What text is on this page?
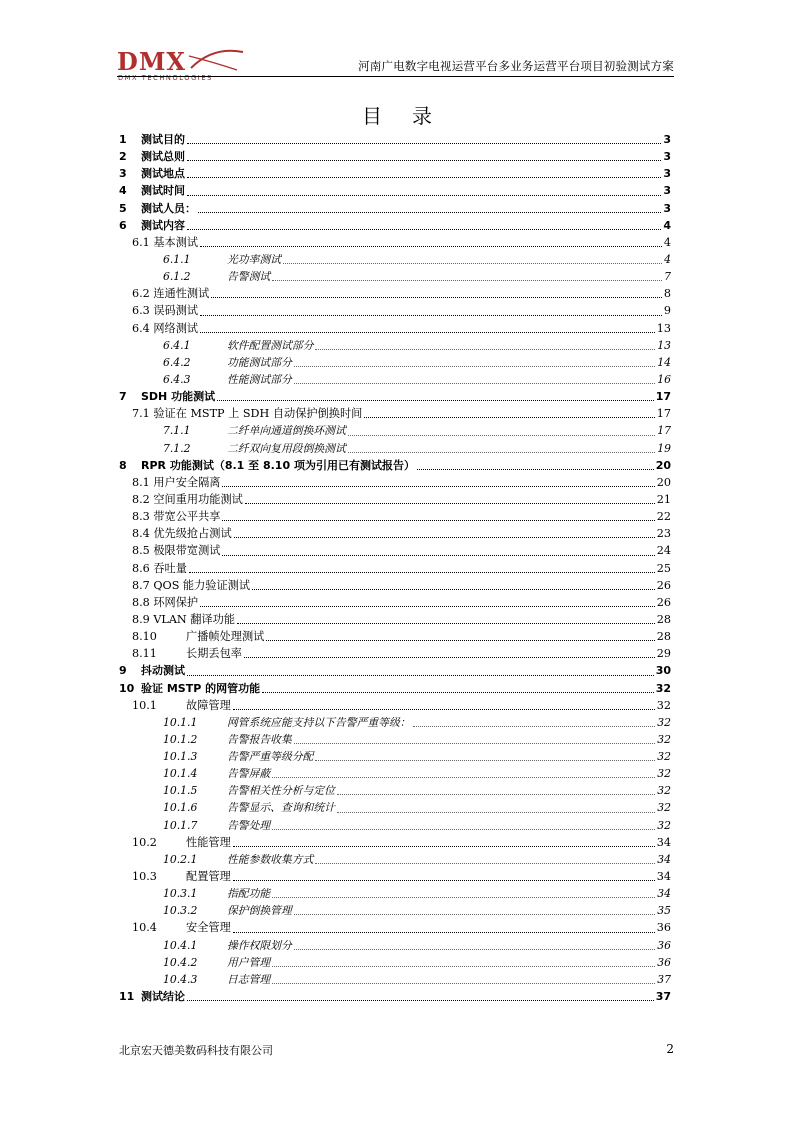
DMX
DMX TECHNOLOGIES
河南广电数字电视运营平台多业务运营平台项目初验测试方案
目录
1	测试目的	3
2	测试总则	3
3	测试地点	3
4	测试时间	3
5	测试人员：	3
6	测试内容	4
6.1 基本测试	4
6.1.1	光功率测试	4
6.1.2	告警测试	7
6.2 连通性测试	8
6.3 误码测试	9
6.4 网络测试	13
6.4.1	软件配置测试部分	13
6.4.2	功能测试部分	14
6.4.3	性能测试部分	16
7	SDH 功能测试	17
7.1 验证在 MSTP 上 SDH 自动保护倒换时间	17
7.1.1	二纤单向通道倒换环测试	17
7.1.2	二纤双向复用段倒换测试	19
8	RPR 功能测试（8.1 至 8.10 项为引用已有测试报告）	20
8.1 用户安全隔离	20
8.2 空间重用功能测试	21
8.3 带宽公平共享	22
8.4 优先级抢占测试	23
8.5 极限带宽测试	24
8.6 吞吐量	25
8.7 QOS 能力验证测试	26
8.8 环网保护	26
8.9 VLAN 翻译功能	28
8.10	广播帧处理测试	28
8.11	长期丢包率	29
9	抖动测试	30
10 验证 MSTP 的网管功能	32
10.1	故障管理	32
10.1.1	网管系统应能支持以下告警严重等级：	32
10.1.2	告警报告收集	32
10.1.3	告警严重等级分配	32
10.1.4	告警屏蔽	32
10.1.5	告警相关性分析与定位	32
10.1.6	告警显示、查询和统计	32
10.1.7	告警处理	32
10.2	性能管理	34
10.2.1	性能参数收集方式	34
10.3	配置管理	34
10.3.1	指配功能	34
10.3.2	保护倒换管理	35
10.4	安全管理	36
10.4.1	操作权限划分	36
10.4.2	用户管理	36
10.4.3	日志管理	37
11 测试结论	37
北京宏天德美数码科技有限公司	2
